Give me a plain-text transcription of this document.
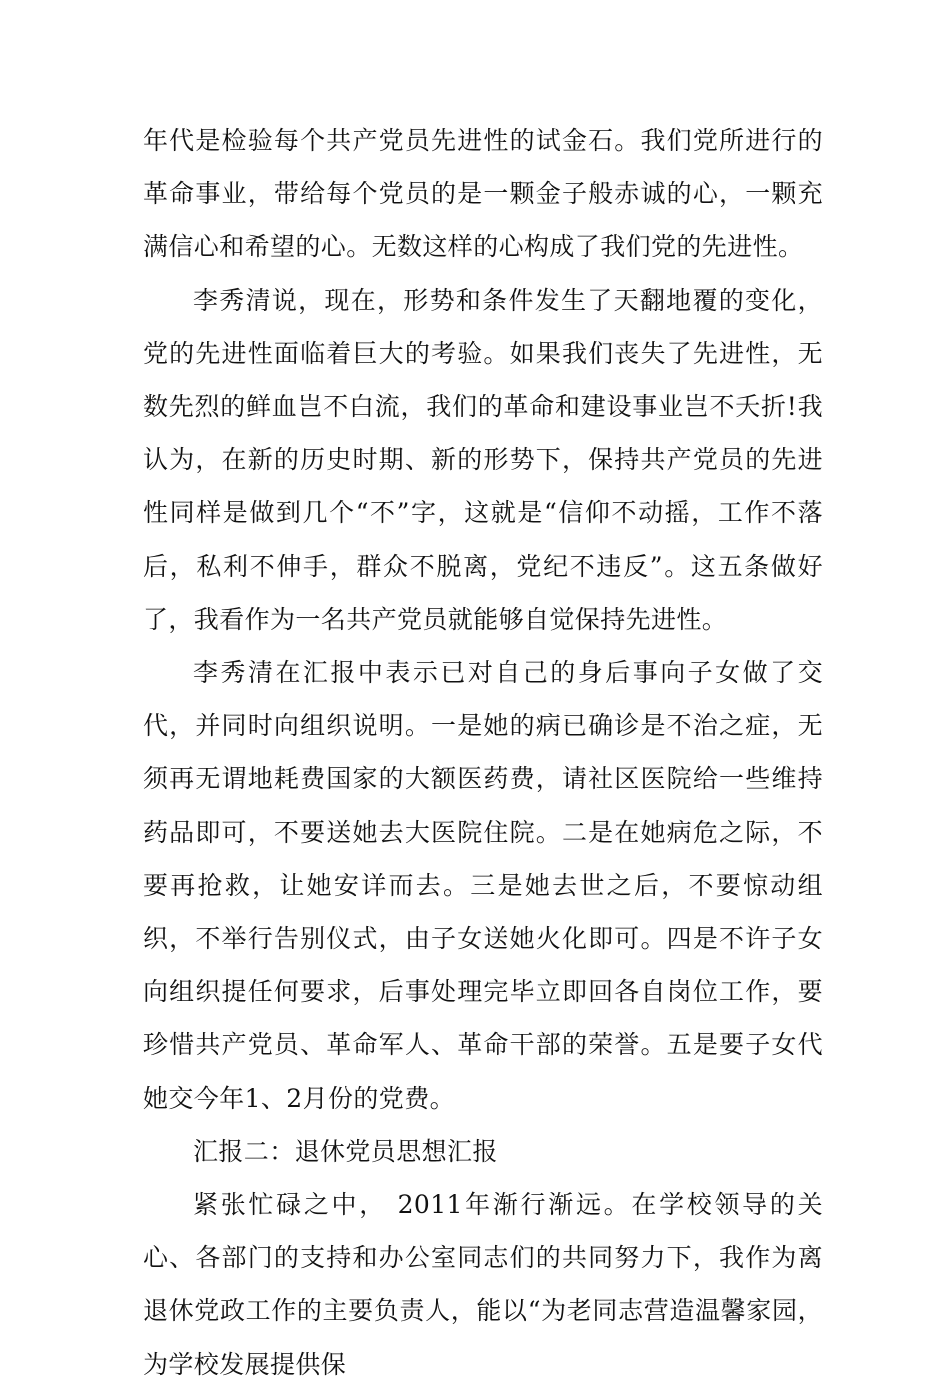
年代是检验每个共产党员先进性的试金石。我们党所进行的革命事业，带给每个党员的是一颗金子般赤诚的心，一颗充满信心和希望的心。无数这样的心构成了我们党的先进性。

李秀清说，现在，形势和条件发生了天翻地覆的变化，党的先进性面临着巨大的考验。如果我们丧失了先进性，无数先烈的鲜血岂不白流，我们的革命和建设事业岂不夭折!我认为，在新的历史时期、新的形势下，保持共产党员的先进性同样是做到几个“不”字，这就是“信仰不动摇，工作不落后，私利不伸手，群众不脱离，党纪不违反”。这五条做好了，我看作为一名共产党员就能够自觉保持先进性。

李秀清在汇报中表示已对自己的身后事向子女做了交代，并同时向组织说明。一是她的病已确诊是不治之症，无须再无谓地耗费国家的大额医药费，请社区医院给一些维持药品即可，不要送她去大医院住院。二是在她病危之际，不要再抢救，让她安详而去。三是她去世之后，不要惊动组织，不举行告别仪式，由子女送她火化即可。四是不许子女向组织提任何要求，后事处理完毕立即回各自岗位工作，要珍惜共产党员、革命军人、革命干部的荣誉。五是要子女代她交今年1、2月份的党费。

汇报二：退休党员思想汇报

紧张忙碌之中， 2011年渐行渐远。在学校领导的关心、各部门的支持和办公室同志们的共同努力下，我作为离退休党政工作的主要负责人，能以“为老同志营造温馨家园，为学校发展提供保
